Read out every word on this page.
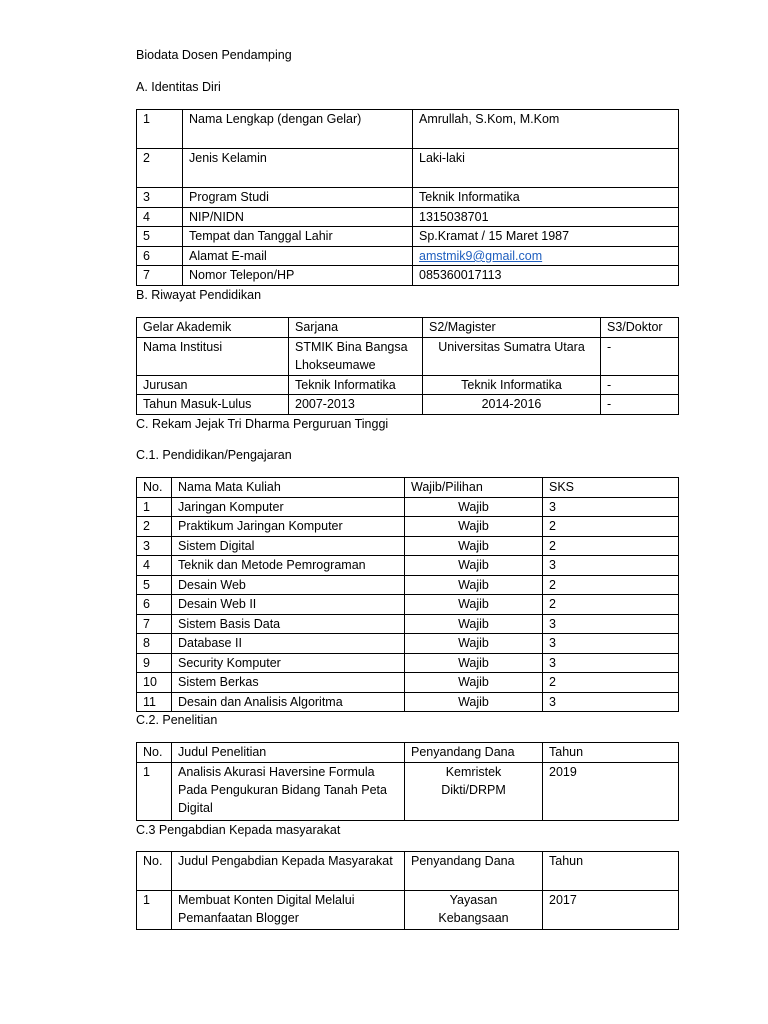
Biodata Dosen Pendamping
A. Identitas Diri
1	Nama Lengkap (dengan Gelar)	Amrullah, S.Kom, M.Kom
2	Jenis Kelamin	Laki-laki
3	Program Studi	Teknik Informatika
4	NIP/NIDN	1315038701
5	Tempat dan Tanggal Lahir	Sp.Kramat / 15 Maret 1987
6	Alamat E-mail	amstmik9@gmail.com
7	Nomor Telepon/HP	085360017113
B. Riwayat Pendidikan
Gelar Akademik	Sarjana	S2/Magister	S3/Doktor
Nama Institusi	STMIK Bina Bangsa Lhokseumawe	Universitas Sumatra Utara	-
Jurusan	Teknik Informatika	Teknik Informatika	-
Tahun Masuk-Lulus	2007-2013	2014-2016	-
C. Rekam Jejak Tri Dharma Perguruan Tinggi
C.1. Pendidikan/Pengajaran
No.	Nama Mata Kuliah	Wajib/Pilihan	SKS
1	Jaringan Komputer	Wajib	3
2	Praktikum Jaringan Komputer	Wajib	2
3	Sistem Digital	Wajib	2
4	Teknik dan Metode Pemrograman	Wajib	3
5	Desain Web	Wajib	2
6	Desain Web II	Wajib	2
7	Sistem Basis Data	Wajib	3
8	Database II	Wajib	3
9	Security Komputer	Wajib	3
10	Sistem Berkas	Wajib	2
11	Desain dan Analisis Algoritma	Wajib	3
C.2. Penelitian
No.	Judul Penelitian	Penyandang Dana	Tahun
1	Analisis Akurasi Haversine Formula Pada Pengukuran Bidang Tanah Peta Digital	Kemristek Dikti/DRPM	2019
C.3 Pengabdian Kepada masyarakat
No.	Judul Pengabdian Kepada Masyarakat	Penyandang Dana	Tahun
1	Membuat Konten Digital Melalui Pemanfaatan Blogger	Yayasan Kebangsaan	2017
